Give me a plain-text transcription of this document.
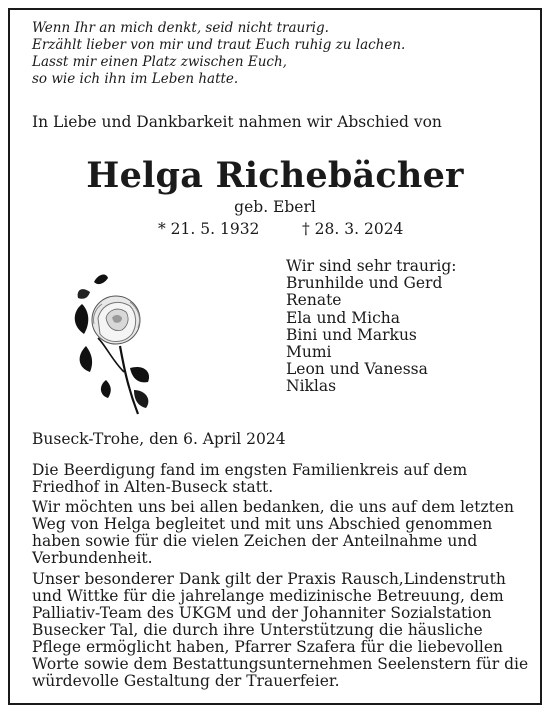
Wenn Ihr an mich denkt, seid nicht traurig.
Erzählt lieber von mir und traut Euch ruhig zu lachen.
Lasst mir einen Platz zwischen Euch,
so wie ich ihn im Leben hatte.
In Liebe und Dankbarkeit nahmen wir Abschied von
Helga Richebächer
geb. Eberl
* 21. 5. 1932	† 28. 3. 2024
Wir sind sehr traurig:
Brunhilde und Gerd
Renate
Ela und Micha
Bini und Markus
Mumi
Leon und Vanessa
Niklas
Buseck-Trohe, den 6. April 2024
Die Beerdigung fand im engsten Familienkreis auf dem
Friedhof in Alten-Buseck statt.
Wir möchten uns bei allen bedanken, die uns auf dem letzten
Weg von Helga begleitet und mit uns Abschied genommen
haben sowie für die vielen Zeichen der Anteilnahme und
Verbundenheit.
Unser besonderer Dank gilt der Praxis Rausch,Lindenstruth
und Wittke für die jahrelange medizinische Betreuung, dem
Palliativ-Team des UKGM und der Johanniter Sozialstation
Busecker Tal, die durch ihre Unterstützung die häusliche
Pflege ermöglicht haben, Pfarrer Szafera für die liebevollen
Worte sowie dem Bestattungsunternehmen Seelenstern für die
würdevolle Gestaltung der Trauerfeier.
